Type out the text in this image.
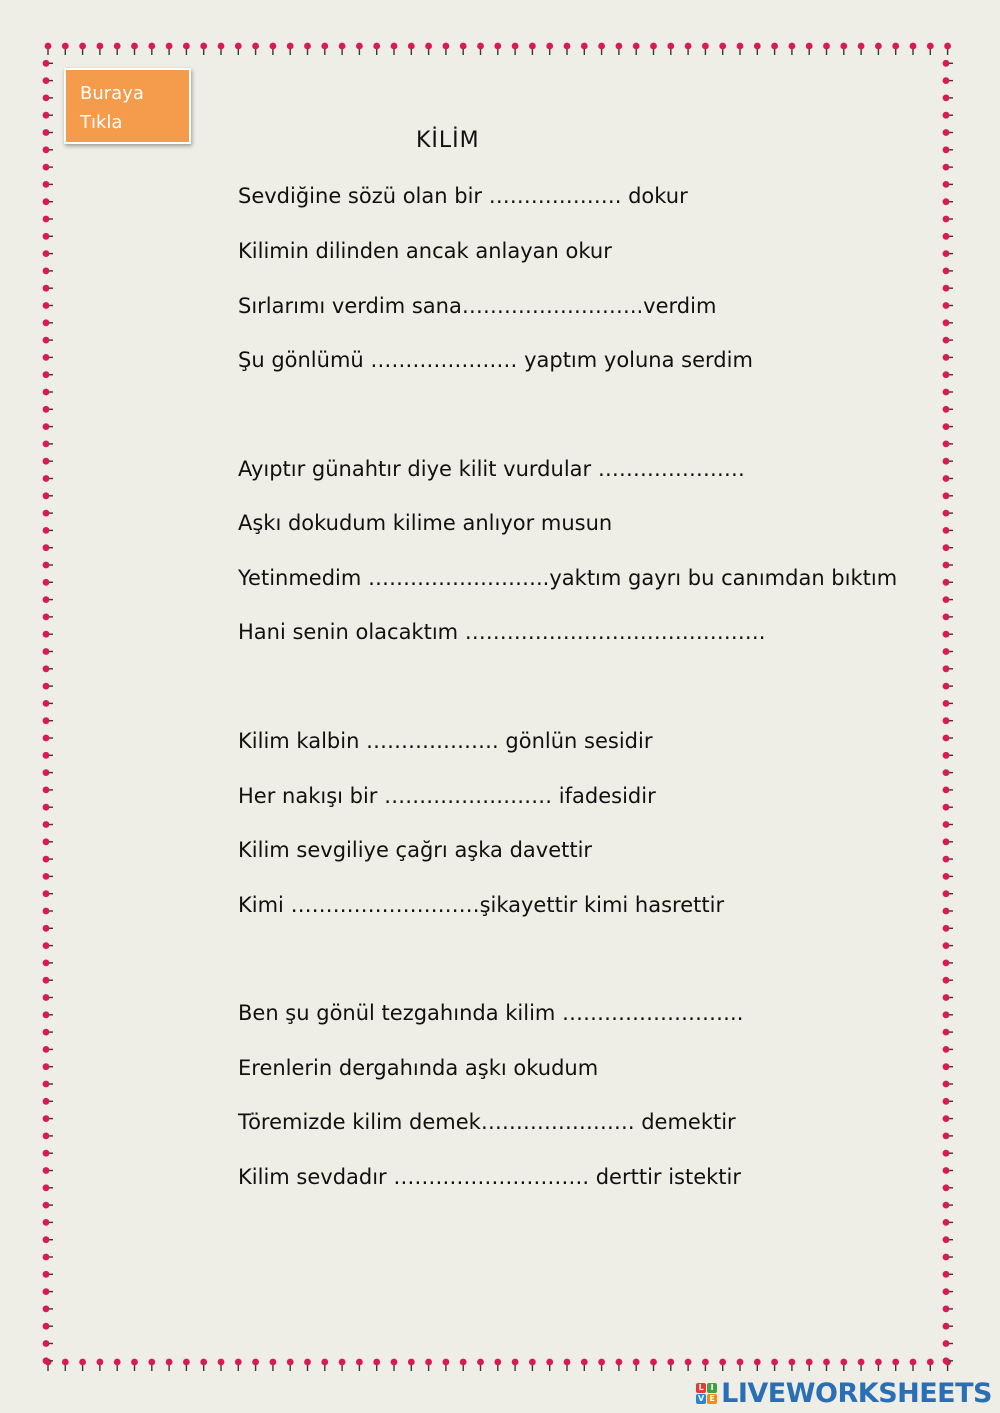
Buraya
Tıkla
KİLİM
Sevdiğine sözü olan bir ………………. dokur
Kilimin dilinden ancak anlayan okur
Sırlarımı verdim sana……………………..verdim
Şu gönlümü ………………… yaptım yoluna serdim
Ayıptır günahtır diye kilit vurdular …………………
Aşkı dokudum kilime anlıyor musun
Yetinmedim ……………………..yaktım gayrı bu canımdan bıktım
Hani senin olacaktım …………………………………….
Kilim kalbin ………………. gönlün sesidir
Her nakışı bir …………………… ifadesidir
Kilim sevgiliye çağrı aşka davettir
Kimi ………………………şikayettir kimi hasrettir
Ben şu gönül tezgahında kilim ……………………..
Erenlerin dergahında aşkı okudum
Töremizde kilim demek…………………. demektir
Kilim sevdadır ………………………. derttir istektir
L I
V E LIVEWORKSHEETS
